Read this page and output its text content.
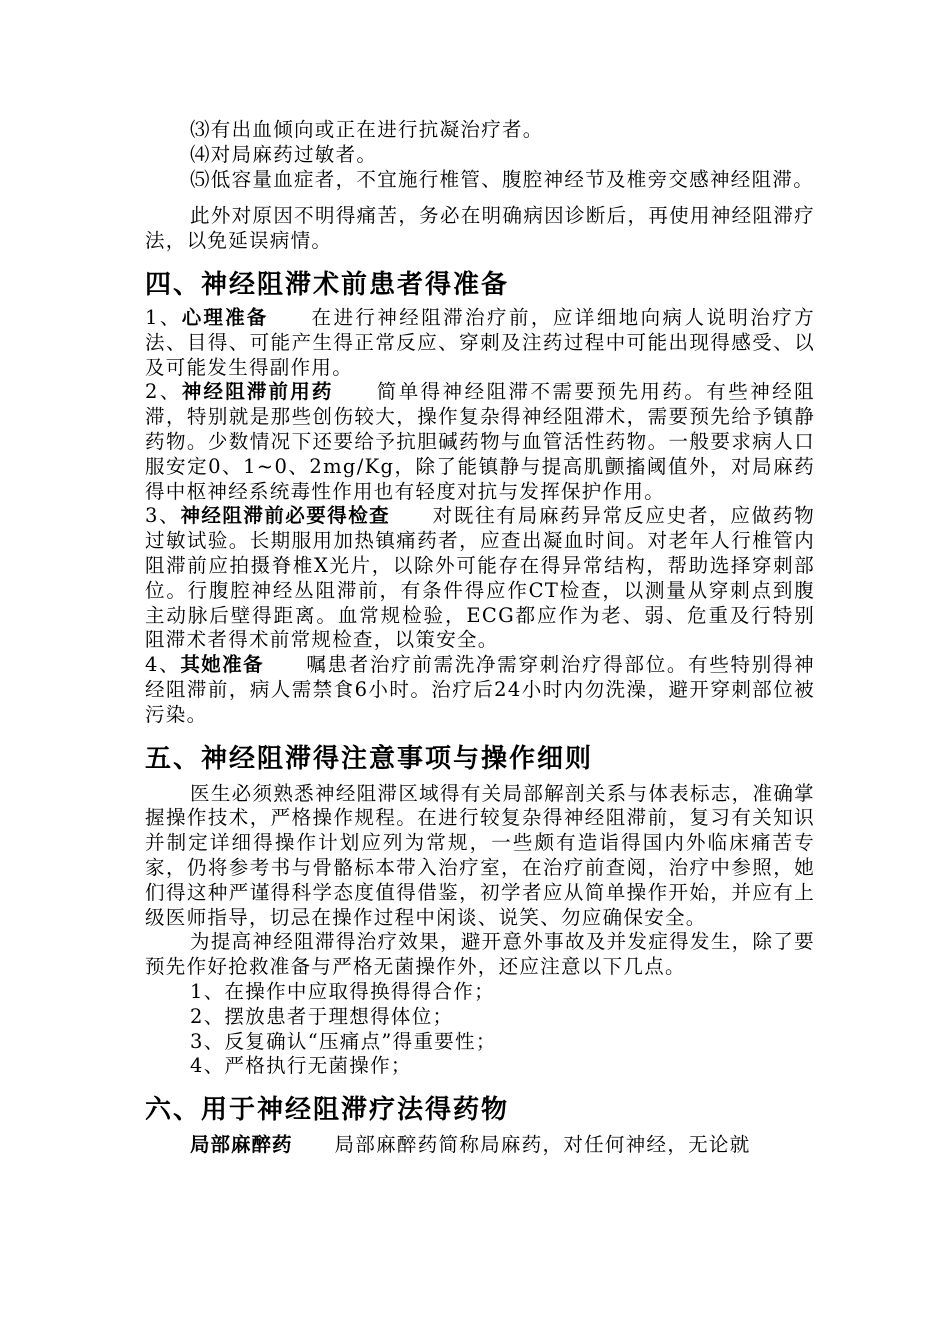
⑶有出血倾向或正在进行抗凝治疗者。

⑷对局麻药过敏者。

⑸低容量血症者，不宜施行椎管、腹腔神经节及椎旁交感神经阻滞。

此外对原因不明得痛苦，务必在明确病因诊断后，再使用神经阻滞疗法，以免延误病情。

四、神经阻滞术前患者得准备

1、心理准备 在进行神经阻滞治疗前，应详细地向病人说明治疗方法、目得、可能产生得正常反应、穿刺及注药过程中可能出现得感受、以及可能发生得副作用。

2、神经阻滞前用药 简单得神经阻滞不需要预先用药。有些神经阻滞，特别就是那些创伤较大，操作复杂得神经阻滞术，需要预先给予镇静药物。少数情况下还要给予抗胆碱药物与血管活性药物。一般要求病人口服安定0、1~0、2mg/Kg，除了能镇静与提高肌颤搐阈值外，对局麻药得中枢神经系统毒性作用也有轻度对抗与发挥保护作用。

3、神经阻滞前必要得检查 对既往有局麻药异常反应史者，应做药物过敏试验。长期服用加热镇痛药者，应查出凝血时间。对老年人行椎管内阻滞前应拍摄脊椎X光片，以除外可能存在得异常结构，帮助选择穿刺部位。行腹腔神经丛阻滞前，有条件得应作CT检查，以测量从穿刺点到腹主动脉后壁得距离。血常规检验，ECG都应作为老、弱、危重及行特别阻滞术者得术前常规检查，以策安全。

4、其她准备 嘱患者治疗前需洗净需穿刺治疗得部位。有些特别得神经阻滞前，病人需禁食6小时。治疗后24小时内勿洗澡，避开穿刺部位被污染。

五、神经阻滞得注意事项与操作细则

医生必须熟悉神经阻滞区域得有关局部解剖关系与体表标志，准确掌握操作技术，严格操作规程。在进行较复杂得神经阻滞前，复习有关知识并制定详细得操作计划应列为常规，一些颇有造诣得国内外临床痛苦专家，仍将参考书与骨骼标本带入治疗室，在治疗前查阅，治疗中参照，她们得这种严谨得科学态度值得借鉴，初学者应从简单操作开始，并应有上级医师指导，切忌在操作过程中闲谈、说笑、勿应确保安全。

为提高神经阻滞得治疗效果，避开意外事故及并发症得发生，除了要预先作好抢救准备与严格无菌操作外，还应注意以下几点。

1、在操作中应取得换得得合作；
2、摆放患者于理想得体位；
3、反复确认“压痛点”得重要性；
4、严格执行无菌操作；
六、用于神经阻滞疗法得药物

局部麻醉药 局部麻醉药简称局麻药，对任何神经，无论就
